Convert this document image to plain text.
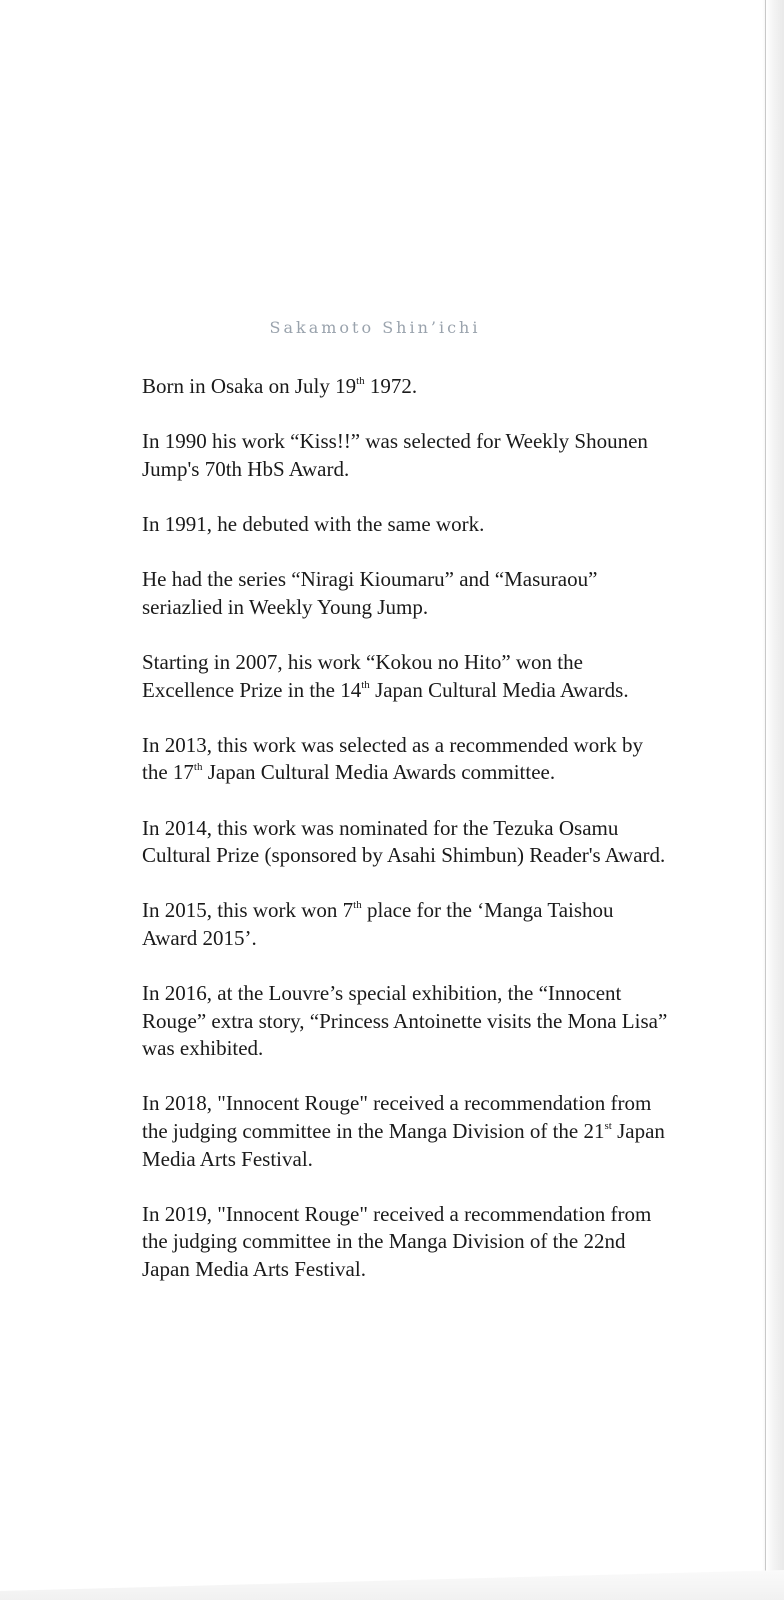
Sakamoto Shin’ichi

Born in Osaka on July 19th 1972.

In 1990 his work “Kiss!!” was selected for Weekly Shounen Jump's 70th HbS Award.

In 1991, he debuted with the same work.

He had the series “Niragi Kioumaru” and “Masuraou” seriazlied in Weekly Young Jump.

Starting in 2007, his work “Kokou no Hito” won the Excellence Prize in the 14th Japan Cultural Media Awards.

In 2013, this work was selected as a recommended work by the 17th Japan Cultural Media Awards committee.

In 2014, this work was nominated for the Tezuka Osamu Cultural Prize (sponsored by Asahi Shimbun) Reader's Award.

In 2015, this work won 7th place for the ‘Manga Taishou Award 2015’.

In 2016, at the Louvre’s special exhibition, the “Innocent Rouge” extra story, “Princess Antoinette visits the Mona Lisa” was exhibited.

In 2018, "Innocent Rouge" received a recommendation from the judging committee in the Manga Division of the 21st Japan Media Arts Festival.

In 2019, "Innocent Rouge" received a recommendation from the judging committee in the Manga Division of the 22nd Japan Media Arts Festival.
